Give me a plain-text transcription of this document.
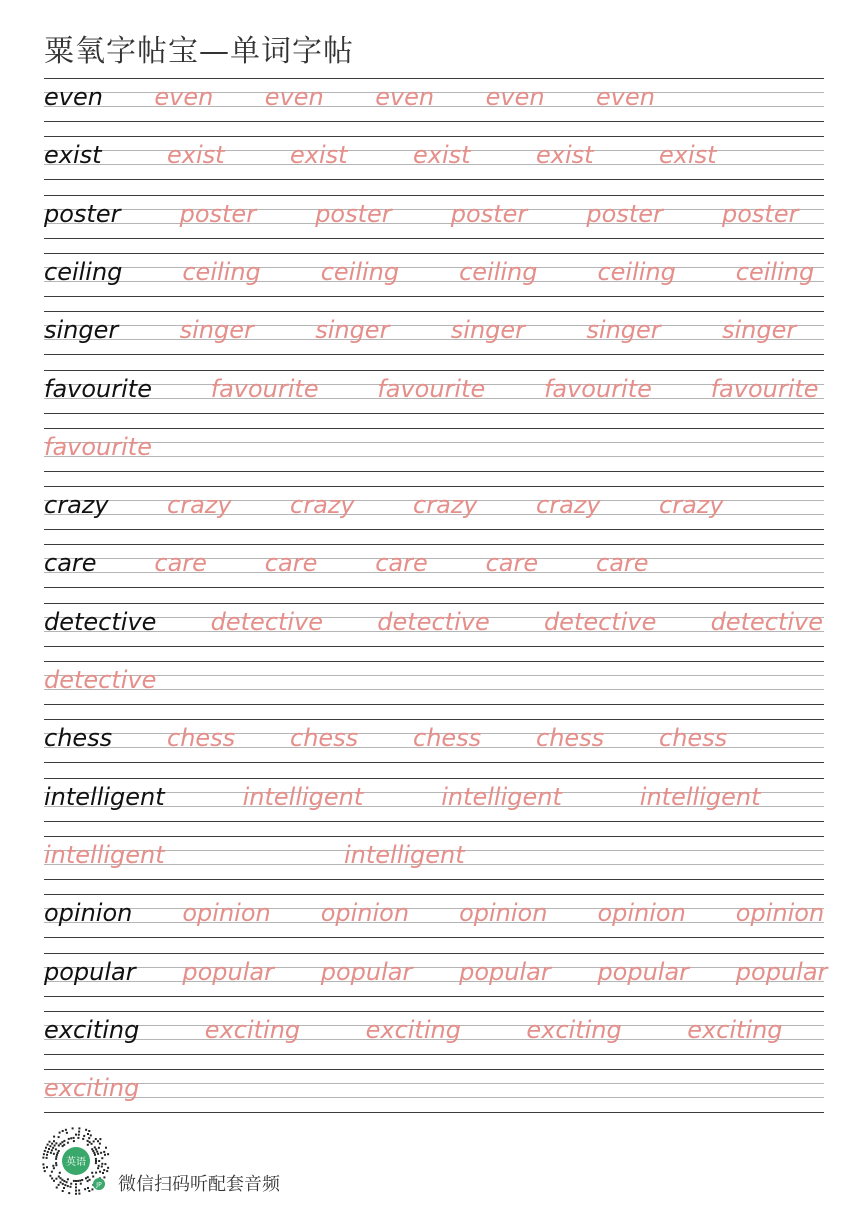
粟氧字帖宝—单词字帖
even even even even even even
exist	exist	exist	exist	exist	exist
poster poster poster poster poster poster
ceiling ceiling ceiling ceiling ceiling ceiling
singer	singer	singer	singer	singer	singer
favourite favourite favourite favourite favourite
favourite
crazy crazy crazy crazy crazy crazy
care care care care care care
detective detective detective detective detective
detective
chess chess chess chess chess chess
intelligent	intelligent	intelligent	intelligent
intelligent	intelligent
opinion opinion opinion opinion opinion opinion
popular popular popular popular popular popular
exciting	exciting	exciting	exciting	exciting
exciting
英语
JP 微信扫码听配套音频
